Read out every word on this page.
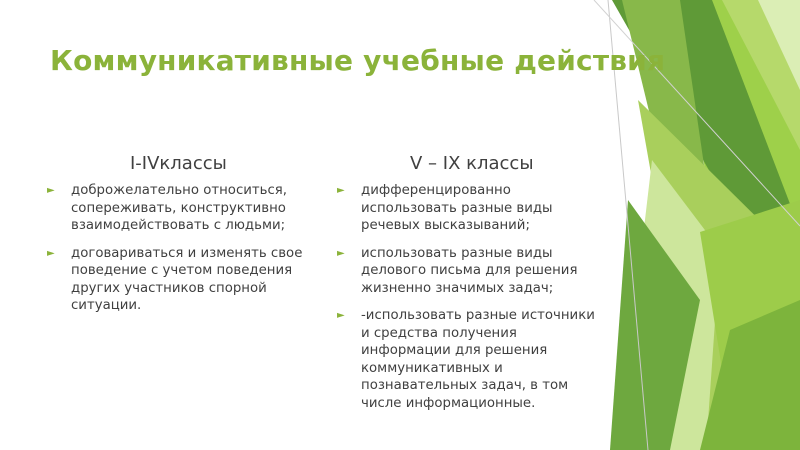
Коммуникативные учебные действия
I-IVклассы	V – IX классы
► доброжелательно относиться, сопереживать, конструктивно взаимодействовать с людьми;
► договариваться и изменять свое поведение с учетом поведения других участников спорной ситуации.
► дифференцированно использовать разные виды речевых высказываний;
► использовать разные виды делового письма для решения жизненно значимых задач;
► -использовать разные источники и средства получения информации для решения коммуникативных и познавательных задач, в том числе информационные.
